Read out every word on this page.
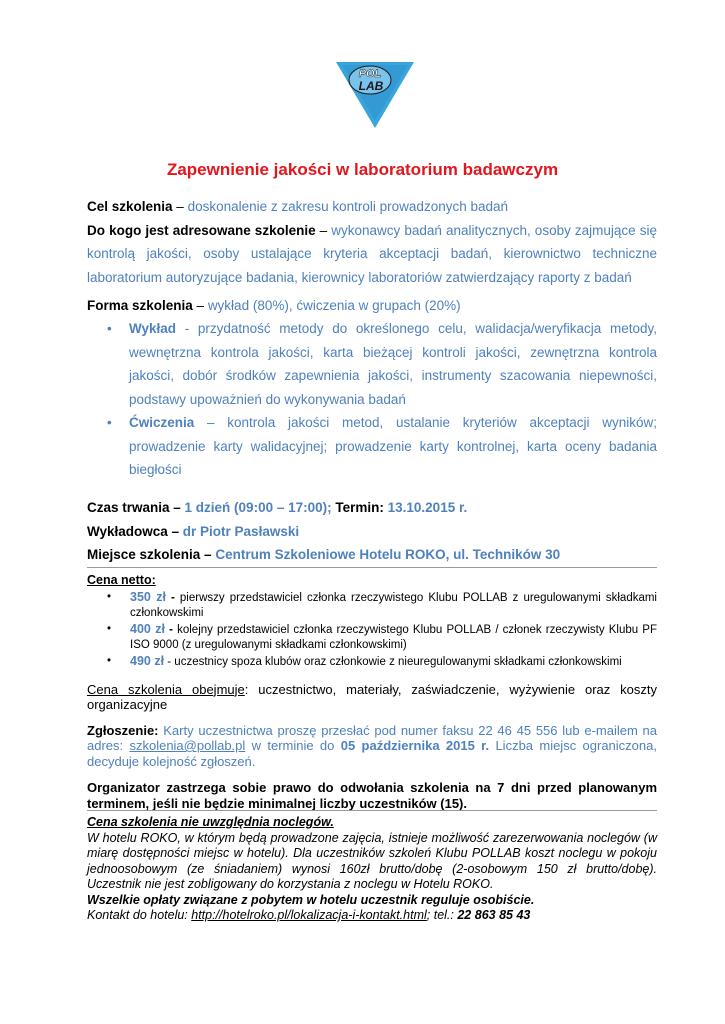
POL
LAB
Zapewnienie jakości w laboratorium badawczym
Cel szkolenia – doskonalenie z zakresu kontroli prowadzonych badań
Do kogo jest adresowane szkolenie – wykonawcy badań analitycznych, osoby zajmujące się kontrolą jakości, osoby ustalające kryteria akceptacji badań, kierownictwo techniczne laboratorium autoryzujące badania, kierownicy laboratoriów zatwierdzający raporty z badań
Forma szkolenia – wykład (80%), ćwiczenia w grupach (20%)
• Wykład - przydatność metody do określonego celu, walidacja/weryfikacja metody, wewnętrzna kontrola jakości, karta bieżącej kontroli jakości, zewnętrzna kontrola jakości, dobór środków zapewnienia jakości, instrumenty szacowania niepewności, podstawy upoważnień do wykonywania badań
• Ćwiczenia – kontrola jakości metod, ustalanie kryteriów akceptacji wyników; prowadzenie karty walidacyjnej; prowadzenie karty kontrolnej, karta oceny badania biegłości
Czas trwania – 1 dzień (09:00 – 17:00); Termin: 13.10.2015 r.
Wykładowca – dr Piotr Pasławski
Miejsce szkolenia – Centrum Szkoleniowe Hotelu ROKO, ul. Techników 30
Cena netto:
• 350 zł - pierwszy przedstawiciel członka rzeczywistego Klubu POLLAB z uregulowanymi składkami członkowskimi
• 400 zł - kolejny przedstawiciel członka rzeczywistego Klubu POLLAB / członek rzeczywisty Klubu PF ISO 9000 (z uregulowanymi składkami członkowskimi)
• 490 zł - uczestnicy spoza klubów oraz członkowie z nieuregulowanymi składkami członkowskimi
Cena szkolenia obejmuje: uczestnictwo, materiały, zaświadczenie, wyżywienie oraz koszty organizacyjne
Zgłoszenie: Karty uczestnictwa proszę przesłać pod numer faksu 22 46 45 556 lub e-mailem na adres: szkolenia@pollab.pl w terminie do 05 października 2015 r. Liczba miejsc ograniczona, decyduje kolejność zgłoszeń.
Organizator zastrzega sobie prawo do odwołania szkolenia na 7 dni przed planowanym terminem, jeśli nie będzie minimalnej liczby uczestników (15).
Cena szkolenia nie uwzględnia noclegów.
W hotelu ROKO, w którym będą prowadzone zajęcia, istnieje możliwość zarezerwowania noclegów (w miarę dostępności miejsc w hotelu). Dla uczestników szkoleń Klubu POLLAB koszt noclegu w pokoju jednoosobowym (ze śniadaniem) wynosi 160zł brutto/dobę (2-osobowym 150 zł brutto/dobę). Uczestnik nie jest zobligowany do korzystania z noclegu w Hotelu ROKO.
Wszelkie opłaty związane z pobytem w hotelu uczestnik reguluje osobiście.
Kontakt do hotelu: http://hotelroko.pl/lokalizacja-i-kontakt.html; tel.: 22 863 85 43
